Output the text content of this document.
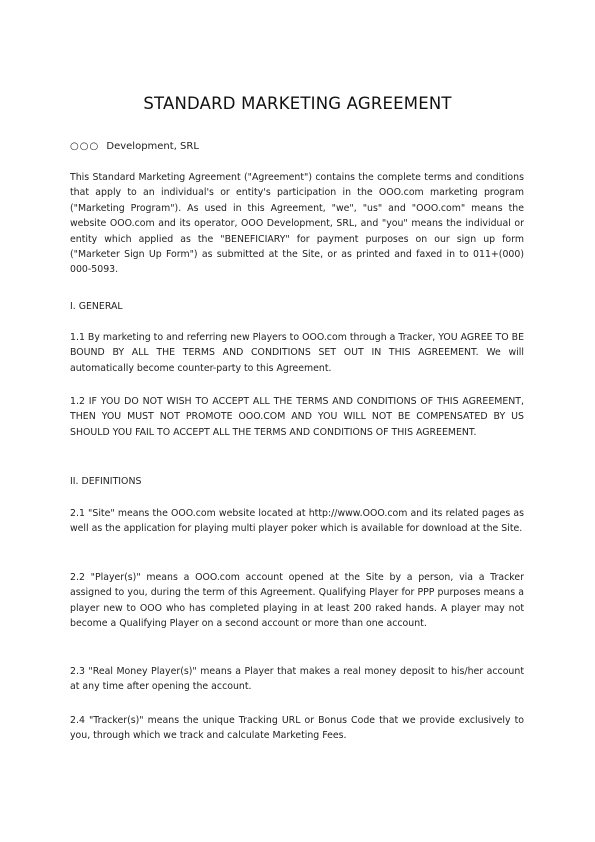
STANDARD MARKETING AGREEMENT
○○○ Development, SRL
This Standard Marketing Agreement ("Agreement") contains the complete terms and conditions that apply to an individual's or entity's participation in the OOO.com marketing program ("Marketing Program"). As used in this Agreement, "we", "us" and "OOO.com" means the website OOO.com and its operator, OOO Development, SRL, and "you" means the individual or entity which applied as the "BENEFICIARY" for payment purposes on our sign up form ("Marketer Sign Up Form") as submitted at the Site, or as printed and faxed in to 011+(000) 000-5093.
I. GENERAL
1.1 By marketing to and referring new Players to OOO.com through a Tracker, YOU AGREE TO BE BOUND BY ALL THE TERMS AND CONDITIONS SET OUT IN THIS AGREEMENT. We will automatically become counter-party to this Agreement.
1.2 IF YOU DO NOT WISH TO ACCEPT ALL THE TERMS AND CONDITIONS OF THIS AGREEMENT, THEN YOU MUST NOT PROMOTE OOO.COM AND YOU WILL NOT BE COMPENSATED BY US SHOULD YOU FAIL TO ACCEPT ALL THE TERMS AND CONDITIONS OF THIS AGREEMENT.
II. DEFINITIONS
2.1 "Site" means the OOO.com website located at http://www.OOO.com and its related pages as well as the application for playing multi player poker which is available for download at the Site.
2.2 "Player(s)" means a OOO.com account opened at the Site by a person, via a Tracker assigned to you, during the term of this Agreement. Qualifying Player for PPP purposes means a player new to OOO who has completed playing in at least 200 raked hands. A player may not become a Qualifying Player on a second account or more than one account.
2.3 "Real Money Player(s)" means a Player that makes a real money deposit to his/her account at any time after opening the account.
2.4 "Tracker(s)" means the unique Tracking URL or Bonus Code that we provide exclusively to you, through which we track and calculate Marketing Fees.
